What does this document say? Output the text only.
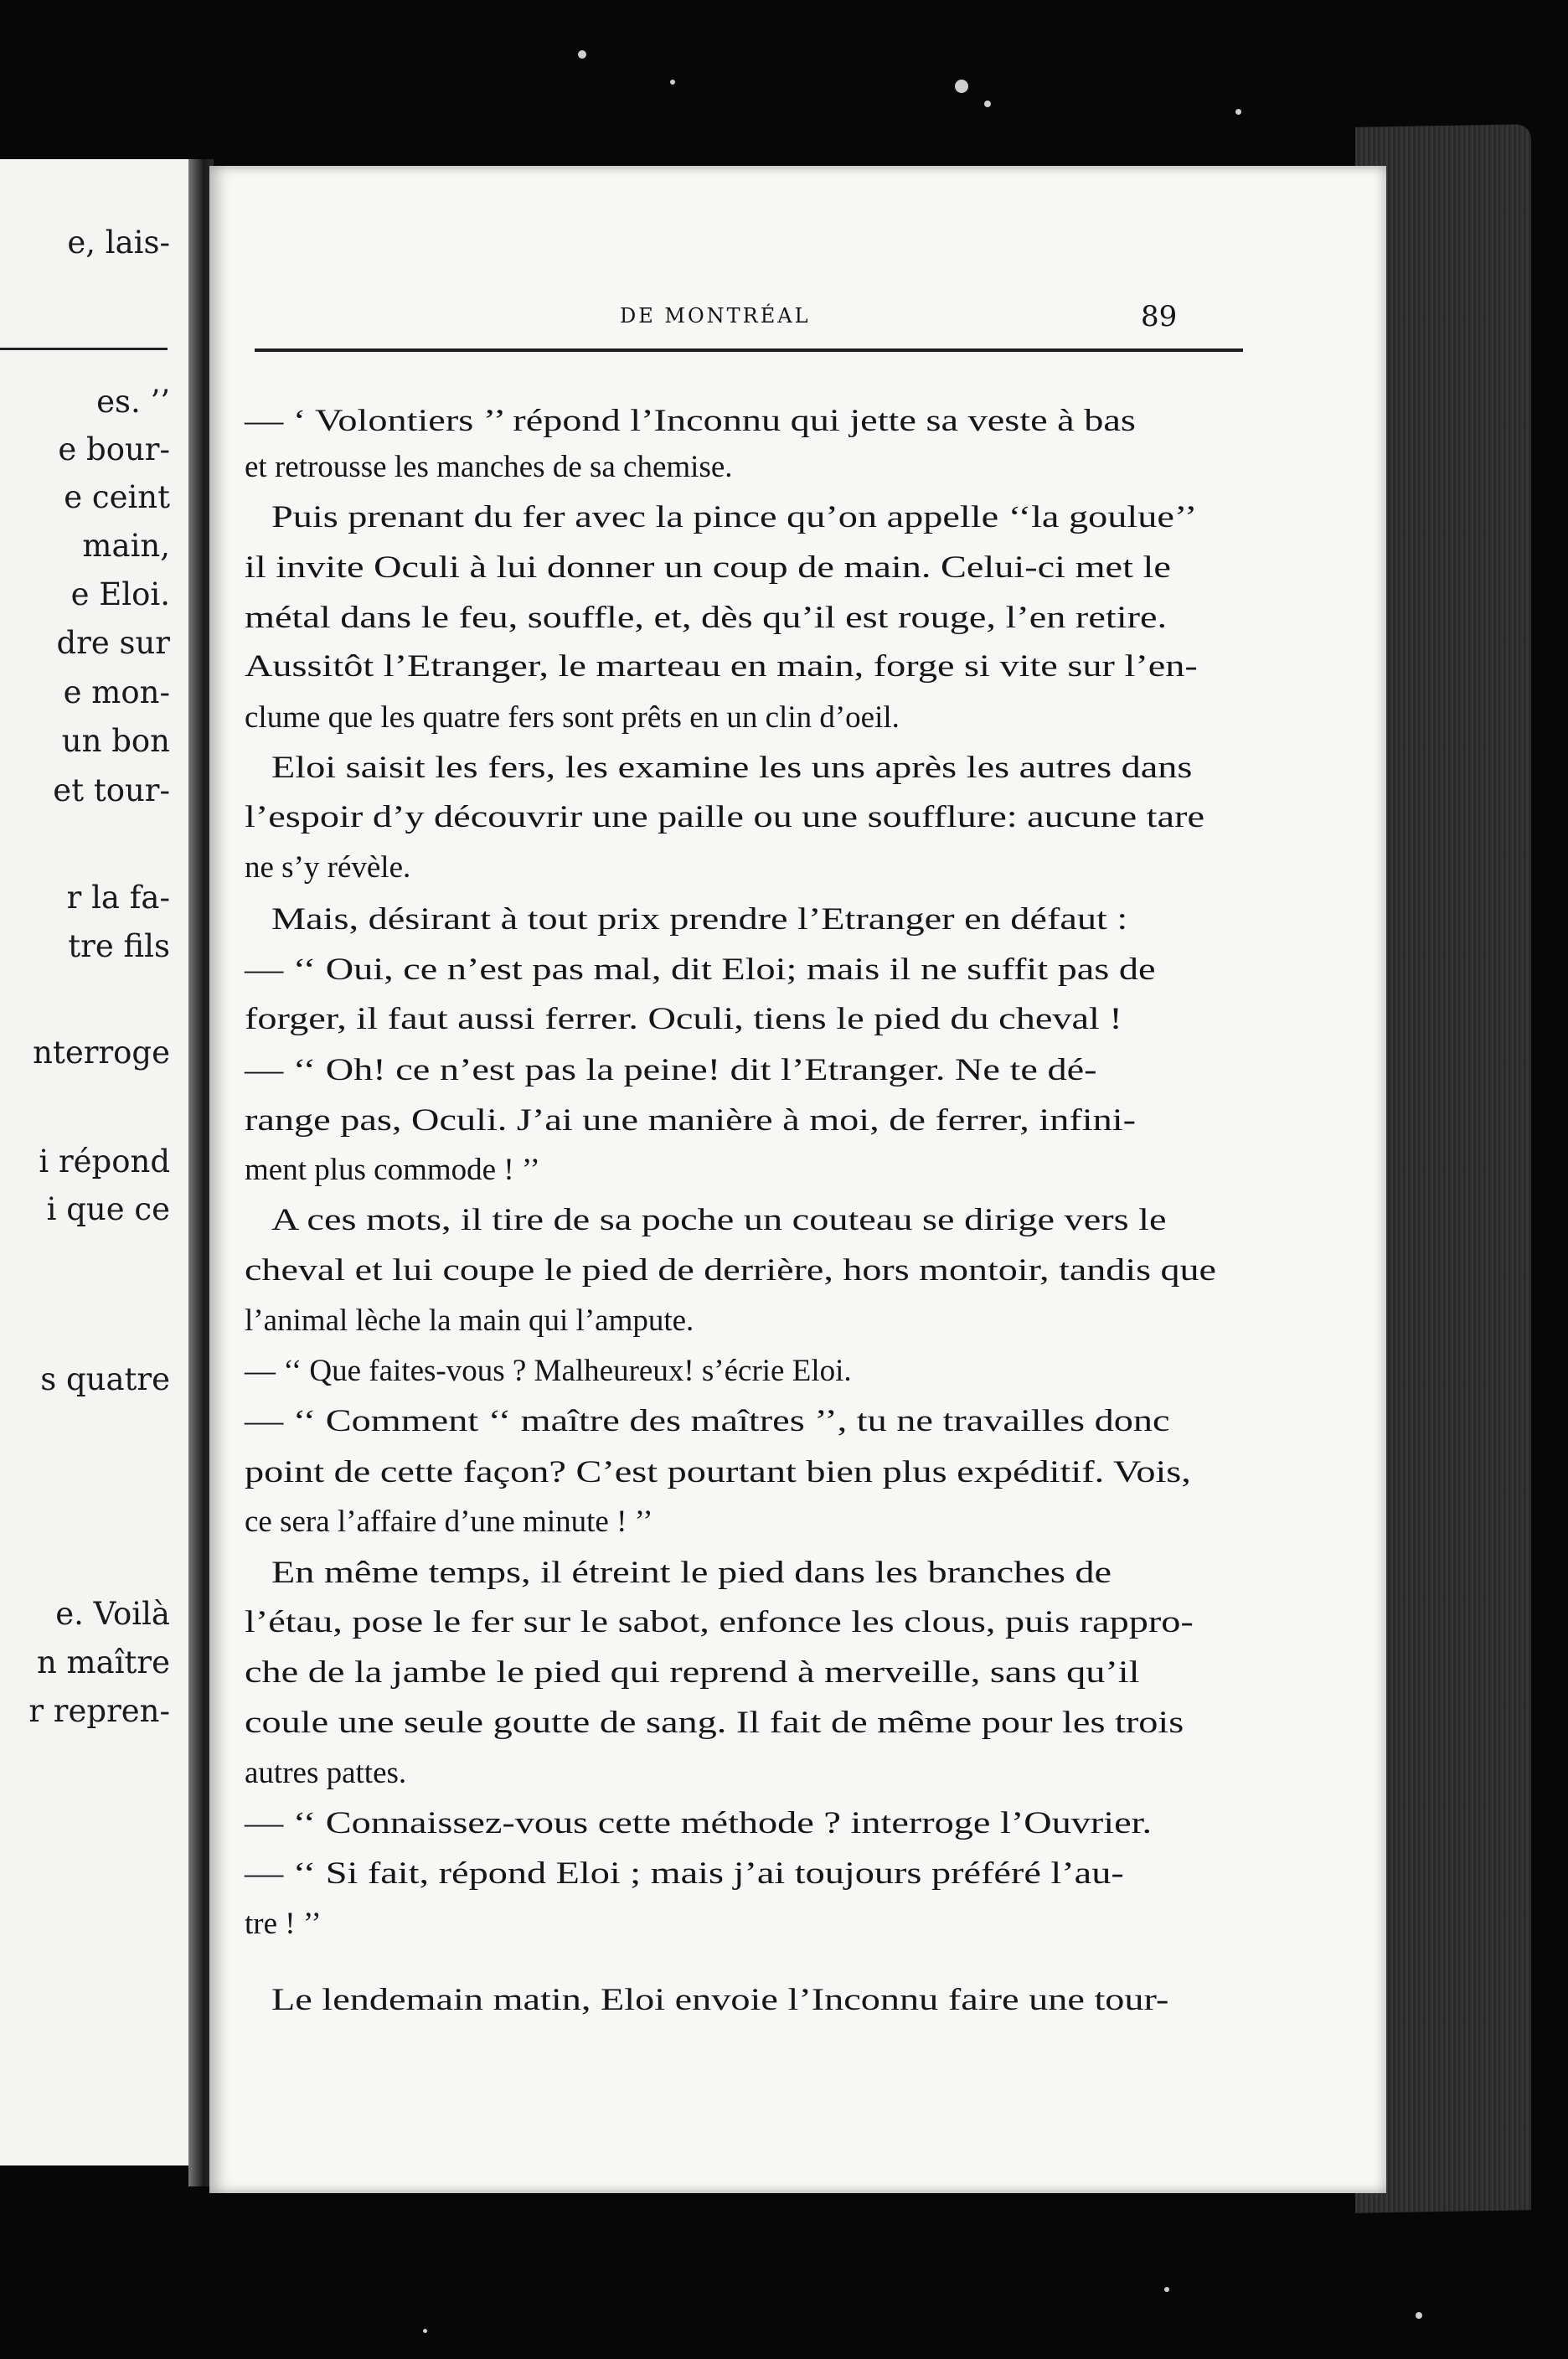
e, lais-
es. ’’
e bour-
e ceint
main,
e Eloi.
dre sur
e mon-
un bon
et tour-
r la fa-
tre fils
nterroge
i répond
i que ce
s quatre
e. Voilà
n maître
r repren-
DE MONTRÉAL	89
— ‘ Volontiers ’’ répond l’Inconnu qui jette sa veste à bas
et retrousse les manches de sa chemise.
Puis prenant du fer avec la pince qu’on appelle ‘‘la goulue’’
il invite Oculi à lui donner un coup de main. Celui-ci met le
métal dans le feu, souffle, et, dès qu’il est rouge, l’en retire.
Aussitôt l’Etranger, le marteau en main, forge si vite sur l’en-
clume que les quatre fers sont prêts en un clin d’oeil.
Eloi saisit les fers, les examine les uns après les autres dans
l’espoir d’y découvrir une paille ou une soufflure: aucune tare
ne s’y révèle.
Mais, désirant à tout prix prendre l’Etranger en défaut :
— ‘‘ Oui, ce n’est pas mal, dit Eloi; mais il ne suffit pas de
forger, il faut aussi ferrer. Oculi, tiens le pied du cheval !
— ‘‘ Oh! ce n’est pas la peine! dit l’Etranger. Ne te dé-
range pas, Oculi. J’ai une manière à moi, de ferrer, infini-
ment plus commode ! ’’
A ces mots, il tire de sa poche un couteau se dirige vers le
cheval et lui coupe le pied de derrière, hors montoir, tandis que
l’animal lèche la main qui l’ampute.
— ‘‘ Que faites-vous ? Malheureux! s’écrie Eloi.
— ‘‘ Comment ‘‘ maître des maîtres ’’, tu ne travailles donc
point de cette façon? C’est pourtant bien plus expéditif. Vois,
ce sera l’affaire d’une minute ! ’’
En même temps, il étreint le pied dans les branches de
l’étau, pose le fer sur le sabot, enfonce les clous, puis rappro-
che de la jambe le pied qui reprend à merveille, sans qu’il
coule une seule goutte de sang. Il fait de même pour les trois
autres pattes.
— ‘‘ Connaissez-vous cette méthode ? interroge l’Ouvrier.
— ‘‘ Si fait, répond Eloi ; mais j’ai toujours préféré l’au-
tre ! ’’
Le lendemain matin, Eloi envoie l’Inconnu faire une tour-
